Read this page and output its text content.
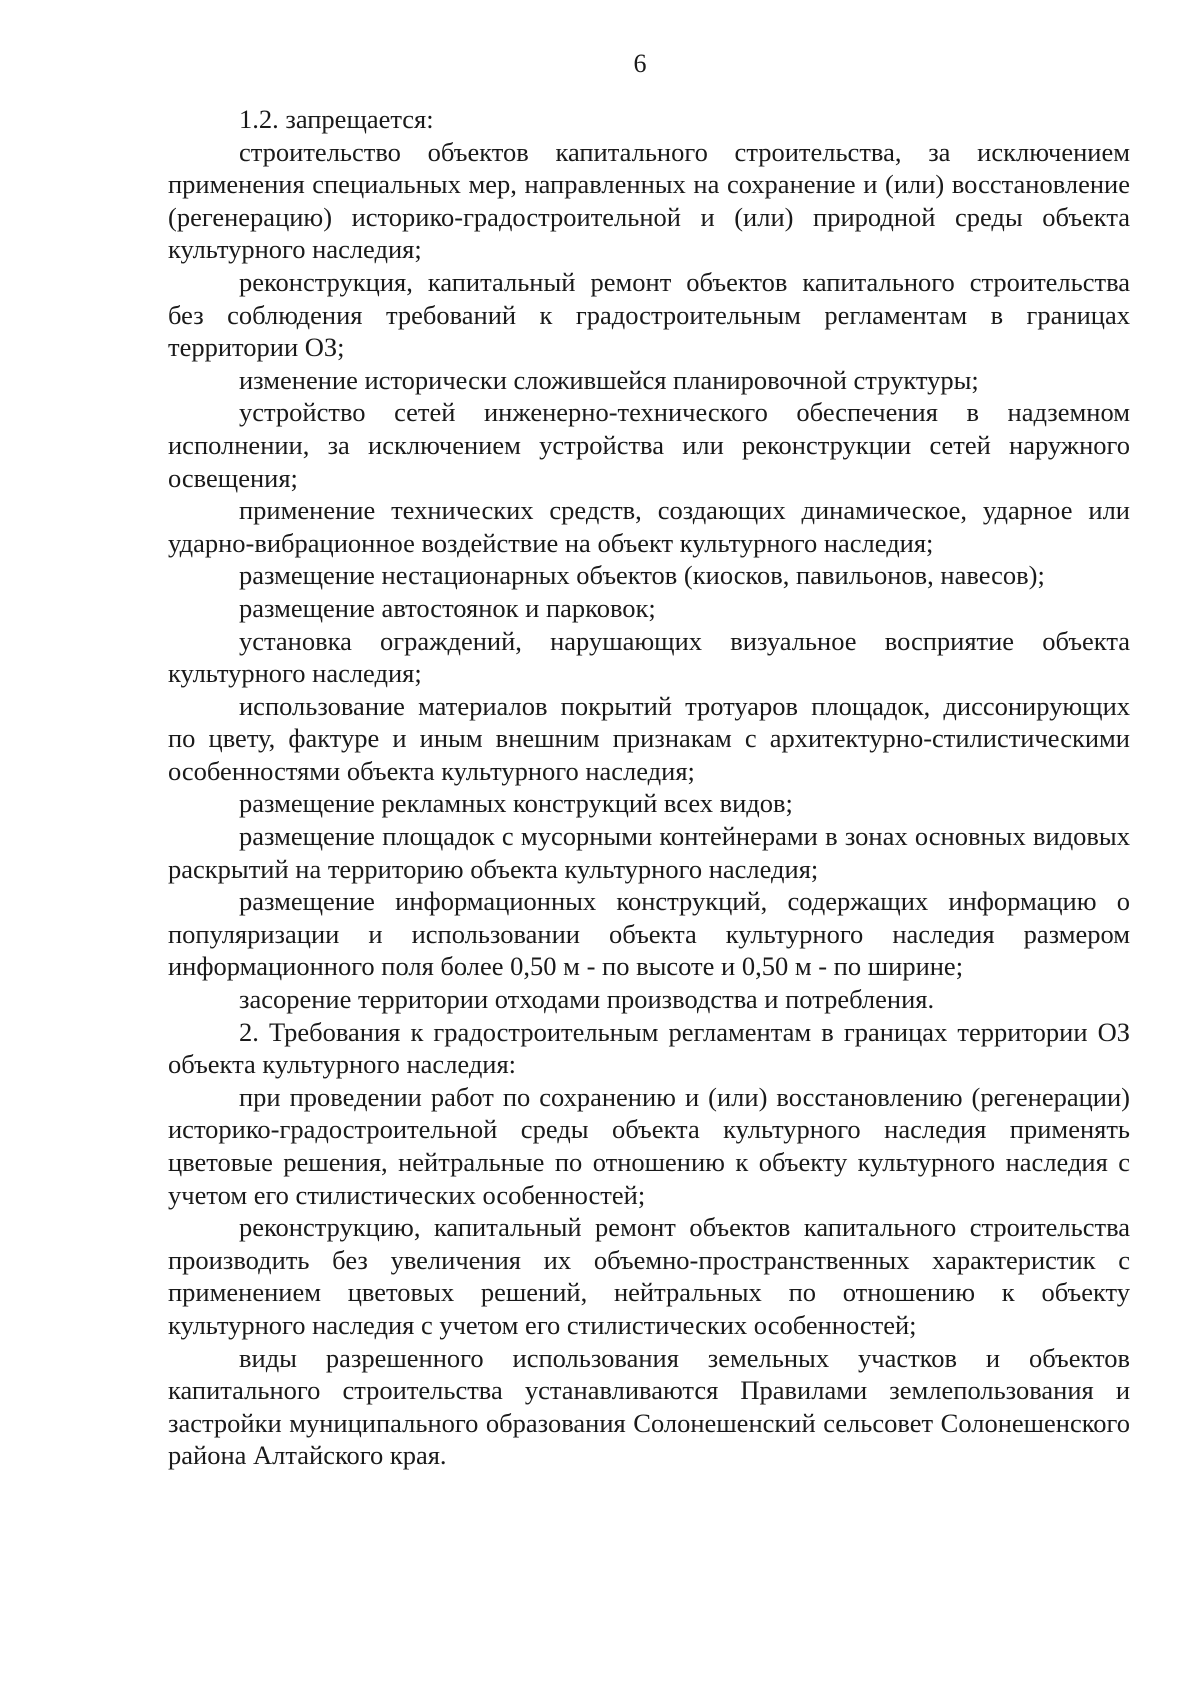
6

1.2. запрещается:

строительство объектов капитального строительства, за исключением применения специальных мер, направленных на сохранение и (или) восстановление (регенерацию) историко-градостроительной и (или) природной среды объекта культурного наследия;

реконструкция, капитальный ремонт объектов капитального строительства без соблюдения требований к градостроительным регламентам в границах территории ОЗ;

изменение исторически сложившейся планировочной структуры;

устройство сетей инженерно-технического обеспечения в надземном исполнении, за исключением устройства или реконструкции сетей наружного освещения;

применение технических средств, создающих динамическое, ударное или ударно-вибрационное воздействие на объект культурного наследия;

размещение нестационарных объектов (киосков, павильонов, навесов);

размещение автостоянок и парковок;

установка ограждений, нарушающих визуальное восприятие объекта культурного наследия;

использование материалов покрытий тротуаров площадок, диссонирующих по цвету, фактуре и иным внешним признакам с архитектурно-стилистическими особенностями объекта культурного наследия;

размещение рекламных конструкций всех видов;

размещение площадок с мусорными контейнерами в зонах основных видовых раскрытий на территорию объекта культурного наследия;

размещение информационных конструкций, содержащих информацию о популяризации и использовании объекта культурного наследия размером информационного поля более 0,50 м - по высоте и 0,50 м - по ширине;

засорение территории отходами производства и потребления.

2. Требования к градостроительным регламентам в границах территории ОЗ объекта культурного наследия:

при проведении работ по сохранению и (или) восстановлению (регенерации) историко-градостроительной среды объекта культурного наследия применять цветовые решения, нейтральные по отношению к объекту культурного наследия с учетом его стилистических особенностей;

реконструкцию, капитальный ремонт объектов капитального строительства производить без увеличения их объемно-пространственных характеристик с применением цветовых решений, нейтральных по отношению к объекту культурного наследия с учетом его стилистических особенностей;

виды разрешенного использования земельных участков и объектов капитального строительства устанавливаются Правилами землепользования и застройки муниципального образования Солонешенский сельсовет Солонешенского района Алтайского края.
